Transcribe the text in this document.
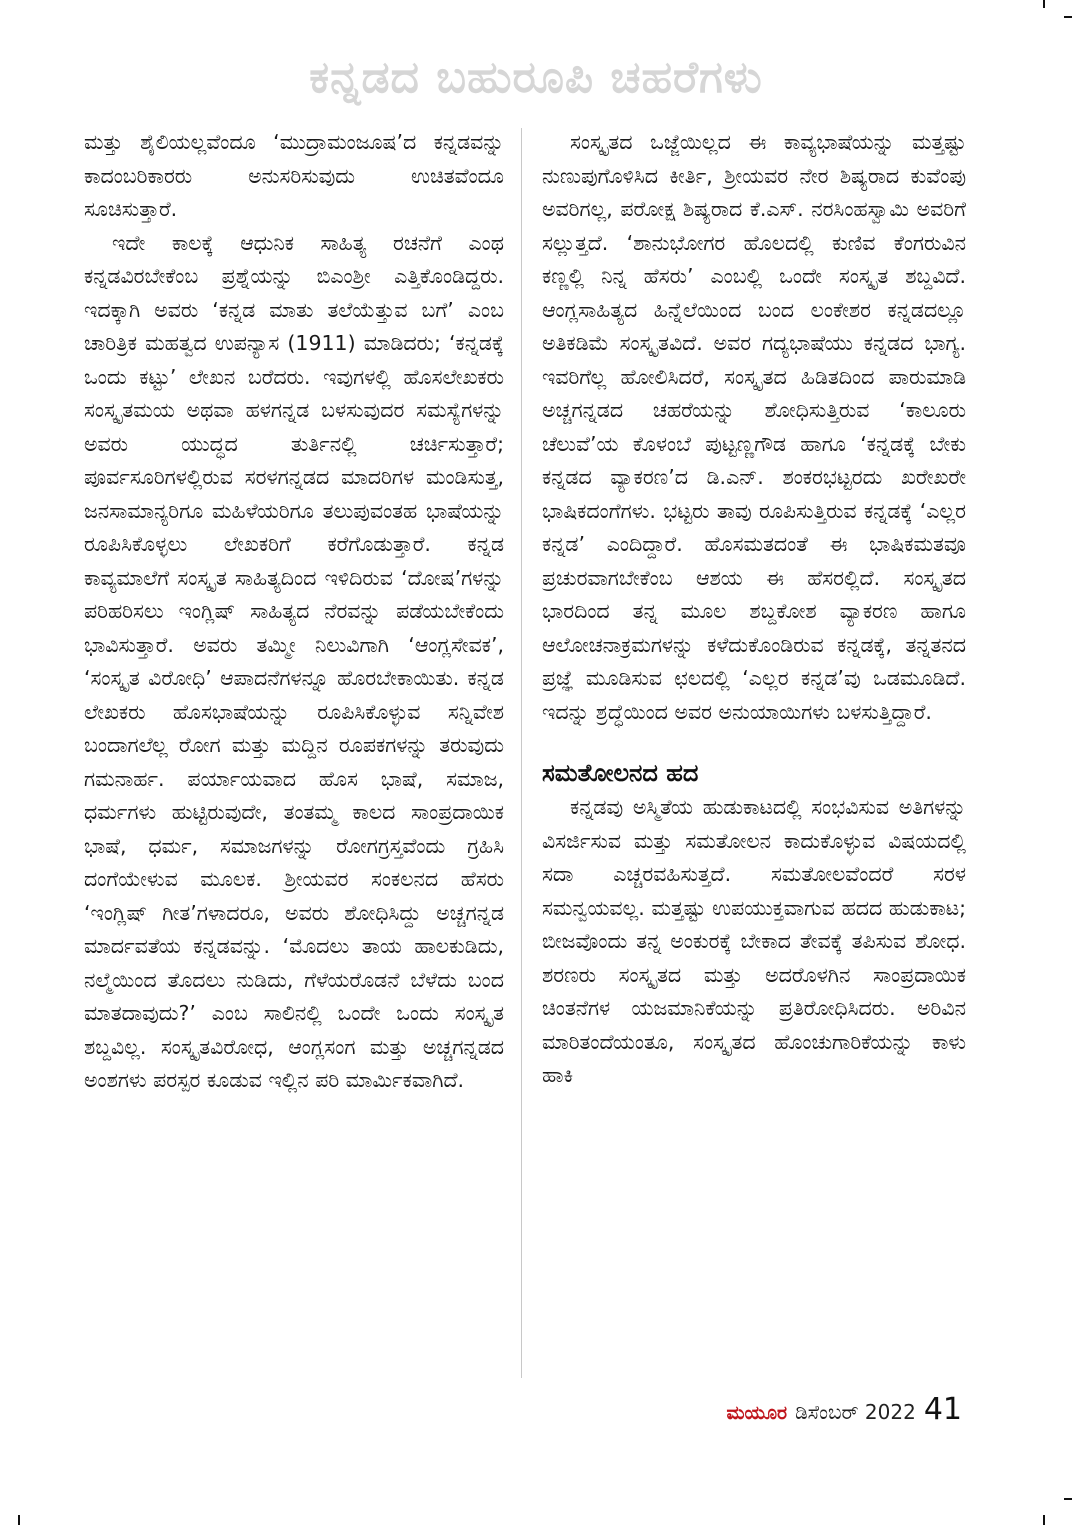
ಕನ್ನಡದ ಬಹುರೂಪಿ ಚಹರೆಗಳು

ಮತ್ತು ಶೈಲಿಯಲ್ಲವೆಂದೂ ‘ಮುದ್ರಾಮಂಜೂಷ’ದ ಕನ್ನಡವನ್ನು ಕಾದಂಬರಿಕಾರರು ಅನುಸರಿಸುವುದು ಉಚಿತವೆಂದೂ ಸೂಚಿಸುತ್ತಾರೆ.

ಇದೇ ಕಾಲಕ್ಕೆ ಆಧುನಿಕ ಸಾಹಿತ್ಯ ರಚನೆಗೆ ಎಂಥ ಕನ್ನಡವಿರಬೇಕೆಂಬ ಪ್ರಶ್ನೆಯನ್ನು ಬಿಎಂಶ್ರೀ ಎತ್ತಿಕೊಂಡಿದ್ದರು. ಇದಕ್ಕಾಗಿ ಅವರು ‘ಕನ್ನಡ ಮಾತು ತಲೆಯೆತ್ತುವ ಬಗೆ’ ಎಂಬ ಚಾರಿತ್ರಿಕ ಮಹತ್ವದ ಉಪನ್ಯಾಸ (1911) ಮಾಡಿದರು; ‘ಕನ್ನಡಕ್ಕೆ ಒಂದು ಕಟ್ಟು’ ಲೇಖನ ಬರೆದರು. ಇವುಗಳಲ್ಲಿ ಹೊಸಲೇಖಕರು ಸಂಸ್ಕೃತಮಯ ಅಥವಾ ಹಳಗನ್ನಡ ಬಳಸುವುದರ ಸಮಸ್ಯೆಗಳನ್ನು ಅವರು ಯುದ್ಧದ ತುರ್ತಿನಲ್ಲಿ ಚರ್ಚಿಸುತ್ತಾರೆ; ಪೂರ್ವಸೂರಿಗಳಲ್ಲಿರುವ ಸರಳಗನ್ನಡದ ಮಾದರಿಗಳ ಮಂಡಿಸುತ್ತ, ಜನಸಾಮಾನ್ಯರಿಗೂ ಮಹಿಳೆಯರಿಗೂ ತಲುಪುವಂತಹ ಭಾಷೆಯನ್ನು ರೂಪಿಸಿಕೊಳ್ಳಲು ಲೇಖಕರಿಗೆ ಕರೆಗೊಡುತ್ತಾರೆ. ಕನ್ನಡ ಕಾವ್ಯಮಾಲೆಗೆ ಸಂಸ್ಕೃತ ಸಾಹಿತ್ಯದಿಂದ ಇಳಿದಿರುವ ‘ದೋಷ’ಗಳನ್ನು ಪರಿಹರಿಸಲು ಇಂಗ್ಲಿಷ್ ಸಾಹಿತ್ಯದ ನೆರವನ್ನು ಪಡೆಯಬೇಕೆಂದು ಭಾವಿಸುತ್ತಾರೆ. ಅವರು ತಮ್ಮೀ ನಿಲುವಿಗಾಗಿ ‘ಆಂಗ್ಲಸೇವಕ’, ‘ಸಂಸ್ಕೃತ ವಿರೋಧಿ’ ಆಪಾದನೆಗಳನ್ನೂ ಹೊರಬೇಕಾಯಿತು. ಕನ್ನಡ ಲೇಖಕರು ಹೊಸಭಾಷೆಯನ್ನು ರೂಪಿಸಿಕೊಳ್ಳುವ ಸನ್ನಿವೇಶ ಬಂದಾಗಲೆಲ್ಲ ರೋಗ ಮತ್ತು ಮದ್ದಿನ ರೂಪಕಗಳನ್ನು ತರುವುದು ಗಮನಾರ್ಹ. ಪರ್ಯಾಯವಾದ ಹೊಸ ಭಾಷೆ, ಸಮಾಜ, ಧರ್ಮಗಳು ಹುಟ್ಟಿರುವುದೇ, ತಂತಮ್ಮ ಕಾಲದ ಸಾಂಪ್ರದಾಯಿಕ ಭಾಷೆ, ಧರ್ಮ, ಸಮಾಜಗಳನ್ನು ರೋಗಗ್ರಸ್ತವೆಂದು ಗ್ರಹಿಸಿ ದಂಗೆಯೇಳುವ ಮೂಲಕ. ಶ್ರೀಯವರ ಸಂಕಲನದ ಹೆಸರು ‘ಇಂಗ್ಲಿಷ್ ಗೀತ’ಗಳಾದರೂ, ಅವರು ಶೋಧಿಸಿದ್ದು ಅಚ್ಚಗನ್ನಡ ಮಾರ್ದವತೆಯ ಕನ್ನಡವನ್ನು. ‘ಮೊದಲು ತಾಯ ಹಾಲಕುಡಿದು, ನಲ್ಮೆಯಿಂದ ತೊದಲು ನುಡಿದು, ಗೆಳೆಯರೊಡನೆ ಬೆಳೆದು ಬಂದ ಮಾತದಾವುದು?’ ಎಂಬ ಸಾಲಿನಲ್ಲಿ ಒಂದೇ ಒಂದು ಸಂಸ್ಕೃತ ಶಬ್ದವಿಲ್ಲ. ಸಂಸ್ಕೃತವಿರೋಧ, ಆಂಗ್ಲಸಂಗ ಮತ್ತು ಅಚ್ಚಗನ್ನಡದ ಅಂಶಗಳು ಪರಸ್ಪರ ಕೂಡುವ ಇಲ್ಲಿನ ಪರಿ ಮಾರ್ಮಿಕವಾಗಿದೆ.

ಸಂಸ್ಕೃತದ ಒಜ್ಜೆಯಿಲ್ಲದ ಈ ಕಾವ್ಯಭಾಷೆಯನ್ನು ಮತ್ತಷ್ಟು ನುಣುಪುಗೊಳಿಸಿದ ಕೀರ್ತಿ, ಶ್ರೀಯವರ ನೇರ ಶಿಷ್ಯರಾದ ಕುವೆಂಪು ಅವರಿಗಲ್ಲ, ಪರೋಕ್ಷ ಶಿಷ್ಯರಾದ ಕೆ.ಎಸ್. ನರಸಿಂಹಸ್ವಾಮಿ ಅವರಿಗೆ ಸಲ್ಲುತ್ತದೆ. ‘ಶಾನುಭೋಗರ ಹೊಲದಲ್ಲಿ ಕುಣಿವ ಕೆಂಗರುವಿನ ಕಣ್ಣಲ್ಲಿ ನಿನ್ನ ಹೆಸರು’ ಎಂಬಲ್ಲಿ ಒಂದೇ ಸಂಸ್ಕೃತ ಶಬ್ದವಿದೆ. ಆಂಗ್ಲಸಾಹಿತ್ಯದ ಹಿನ್ನೆಲೆಯಿಂದ ಬಂದ ಲಂಕೇಶರ ಕನ್ನಡದಲ್ಲೂ ಅತಿಕಡಿಮೆ ಸಂಸ್ಕೃತವಿದೆ. ಅವರ ಗದ್ಯಭಾಷೆಯು ಕನ್ನಡದ ಭಾಗ್ಯ. ಇವರಿಗೆಲ್ಲ ಹೋಲಿಸಿದರೆ, ಸಂಸ್ಕೃತದ ಹಿಡಿತದಿಂದ ಪಾರುಮಾಡಿ ಅಚ್ಚಗನ್ನಡದ ಚಹರೆಯನ್ನು ಶೋಧಿಸುತ್ತಿರುವ ‘ಕಾಲೂರು ಚೆಲುವೆ’ಯ ಕೊಳಂಬೆ ಪುಟ್ಟಣ್ಣಗೌಡ ಹಾಗೂ ‘ಕನ್ನಡಕ್ಕೆ ಬೇಕು ಕನ್ನಡದ ವ್ಯಾಕರಣ’ದ ಡಿ.ಎನ್. ಶಂಕರಭಟ್ಟರದು ಖರೇಖರೇ ಭಾಷಿಕದಂಗೆಗಳು. ಭಟ್ಟರು ತಾವು ರೂಪಿಸುತ್ತಿರುವ ಕನ್ನಡಕ್ಕೆ ‘ಎಲ್ಲರ ಕನ್ನಡ’ ಎಂದಿದ್ದಾರೆ. ಹೊಸಮತದಂತೆ ಈ ಭಾಷಿಕಮತವೂ ಪ್ರಚುರವಾಗಬೇಕೆಂಬ ಆಶಯ ಈ ಹೆಸರಲ್ಲಿದೆ. ಸಂಸ್ಕೃತದ ಭಾರದಿಂದ ತನ್ನ ಮೂಲ ಶಬ್ದಕೋಶ ವ್ಯಾಕರಣ ಹಾಗೂ ಆಲೋಚನಾಕ್ರಮಗಳನ್ನು ಕಳೆದುಕೊಂಡಿರುವ ಕನ್ನಡಕ್ಕೆ, ತನ್ನತನದ ಪ್ರಜ್ಞೆ ಮೂಡಿಸುವ ಛಲದಲ್ಲಿ ‘ಎಲ್ಲರ ಕನ್ನಡ’ವು ಒಡಮೂಡಿದೆ. ಇದನ್ನು ಶ್ರದ್ಧೆಯಿಂದ ಅವರ ಅನುಯಾಯಿಗಳು ಬಳಸುತ್ತಿದ್ದಾರೆ.

ಸಮತೋಲನದ ಹದ

ಕನ್ನಡವು ಅಸ್ಮಿತೆಯ ಹುಡುಕಾಟದಲ್ಲಿ ಸಂಭವಿಸುವ ಅತಿಗಳನ್ನು ವಿಸರ್ಜಿಸುವ ಮತ್ತು ಸಮತೋಲನ ಕಾದುಕೊಳ್ಳುವ ವಿಷಯದಲ್ಲಿ ಸದಾ ಎಚ್ಚರವಹಿಸುತ್ತದೆ. ಸಮತೋಲವೆಂದರೆ ಸರಳ ಸಮನ್ವಯವಲ್ಲ. ಮತ್ತಷ್ಟು ಉಪಯುಕ್ತವಾಗುವ ಹದದ ಹುಡುಕಾಟ; ಬೀಜವೊಂದು ತನ್ನ ಅಂಕುರಕ್ಕೆ ಬೇಕಾದ ತೇವಕ್ಕೆ ತಪಿಸುವ ಶೋಧ. ಶರಣರು ಸಂಸ್ಕೃತದ ಮತ್ತು ಅದರೊಳಗಿನ ಸಾಂಪ್ರದಾಯಿಕ ಚಿಂತನೆಗಳ ಯಜಮಾನಿಕೆಯನ್ನು ಪ್ರತಿರೋಧಿಸಿದರು. ಅರಿವಿನ ಮಾರಿತಂದೆಯಂತೂ, ಸಂಸ್ಕೃತದ ಹೊಂಚುಗಾರಿಕೆಯನ್ನು ಕಾಳು ಹಾಕಿ

ಮಯೂರ ಡಿಸೆಂಬರ್ 2022 41
